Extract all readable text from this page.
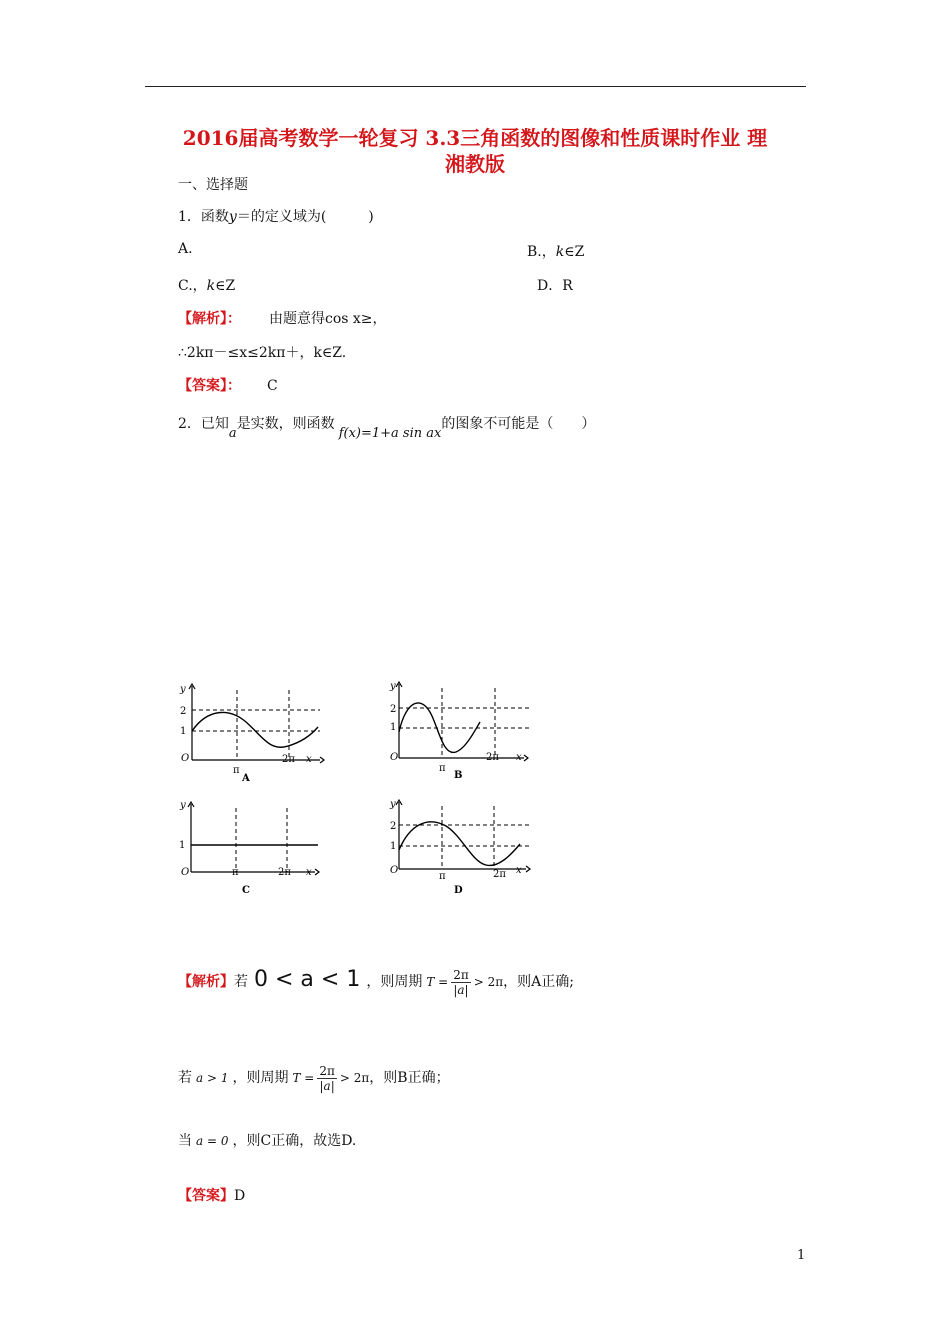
2016届高考数学一轮复习 3.3三角函数的图像和性质课时作业 理
湘教版
一、选择题
1．函数y＝的定义域为(　　　)
A.	B.，k∈Z
C.，k∈Z	D．R
【解析】： 由题意得cos x≥，
∴2kπ－≤x≤2kπ＋，k∈Z.
【答案】： C
2．已知a是实数，则函数f(x)=1+a sin ax的图象不可能是（　　）
y
2
1
O
π
2π x
A
y
2
1
O
π
2π x
B
y
1
O	π	2π x
C
y
2
1
O
π	2π x
D
【解析】若 0 < a < 1 ，则周期 $T = \frac{2\pi}{|a|} > 2\pi$，则A正确;
若 a > 1 ，则周期 $T = \frac{2\pi}{|a|} > 2\pi$，则B正确；
当 a = 0 ，则C正确，故选D.
【答案】D
1
